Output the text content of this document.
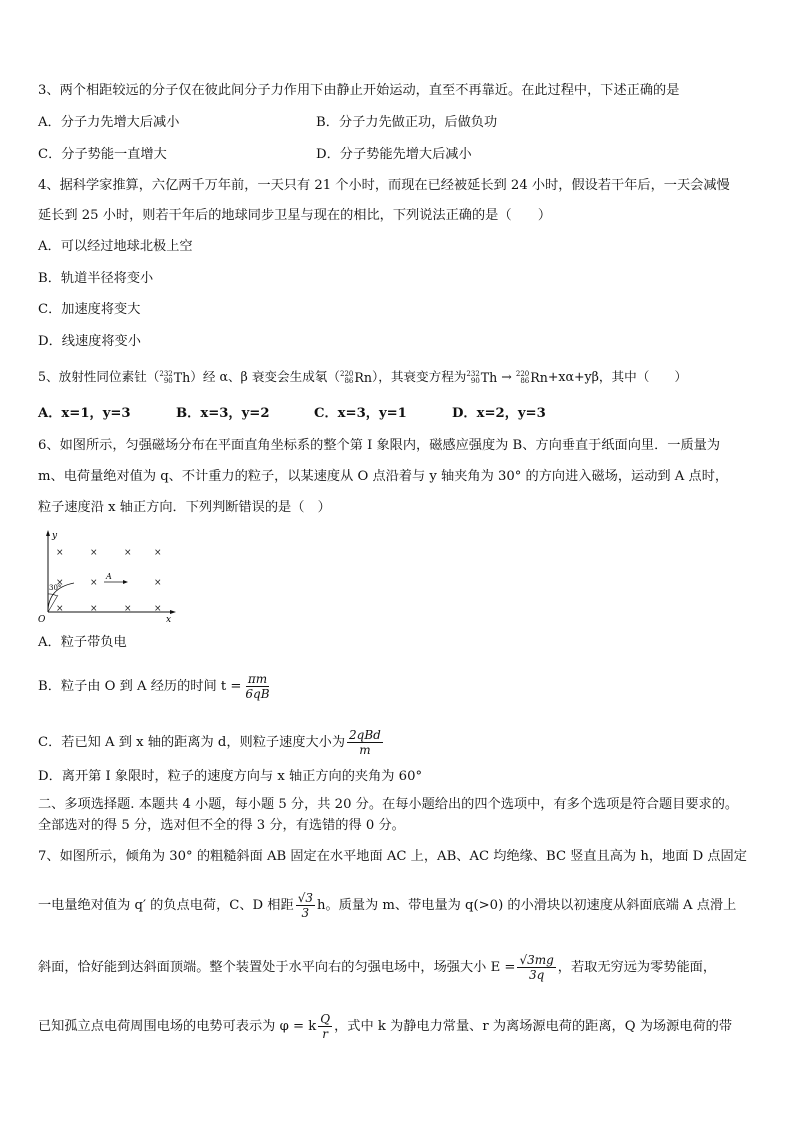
3、两个相距较远的分子仅在彼此间分子力作用下由静止开始运动，直至不再靠近。在此过程中，下述正确的是
A．分子力先增大后减小	B．分子力先做正功，后做负功
C．分子势能一直增大	D．分子势能先增大后减小
4、据科学家推算，六亿两千万年前，一天只有 21 个小时，而现在已经被延长到 24 小时，假设若干年后，一天会减慢
延长到 25 小时，则若干年后的地球同步卫星与现在的相比，下列说法正确的是（　　）
A．可以经过地球北极上空
B．轨道半径将变小
C．加速度将变大
D．线速度将变小
5、放射性同位素钍（ 232
90 Th ）经 α、β 衰变会生成氡（ 220
86 Rn ），其衰变方程为 232
90 Th → 220
86 Rn +xα+yβ，其中（　　）
A．x=1，y=3	B．x=3，y=2	C．x=3，y=1	D．x=2，y=3
6、如图所示，匀强磁场分布在平面直角坐标系的整个第 I 象限内，磁感应强度为 B、方向垂直于纸面向里．一质量为
m、电荷量绝对值为 q、不计重力的粒子，以某速度从 O 点沿着与 y 轴夹角为 30° 的方向进入磁场，运动到 A 点时，
粒子速度沿 x 轴正方向．下列判断错误的是（　）
y
x
O
30°
A
×	×	× ×
×	×	×
×	×	× ×
A．粒子带负电
B．粒子由 O 到 A 经历的时间 $t = \frac{\pi m}{6qB}$
C．若已知 A 到 x 轴的距离为 d，则粒子速度大小为 $\frac{\text{2qBd}}{m}$
D．离开第 I 象限时，粒子的速度方向与 x 轴正方向的夹角为 60°
二、多项选择题. 本题共 4 小题，每小题 5 分，共 20 分。在每小题给出的四个选项中，有多个选项是符合题目要求的。
全部选对的得 5 分，选对但不全的得 3 分，有选错的得 0 分。
7、如图所示，倾角为 30° 的粗糙斜面 AB 固定在水平地面 AC 上，AB、AC 均绝缘、BC 竖直且高为 h，地面 D 点固定
一电量绝对值为 q′ 的负点电荷，C、D 相距 $\frac{√3}{3}$ h。质量为 m、带电量为 q(>0) 的小滑块以初速度从斜面底端 A 点滑上
斜面，恰好能到达斜面顶端。整个装置处于水平向右的匀强电场中，场强大小 $E = \frac{√3mg}{3q}$ ，若取无穷远为零势能面，
已知孤立点电荷周围电场的电势可表示为 φ = k $\frac{Q}{r}$ ，式中 k 为静电力常量、r 为离场源电荷的距离，Q 为场源电荷的带
